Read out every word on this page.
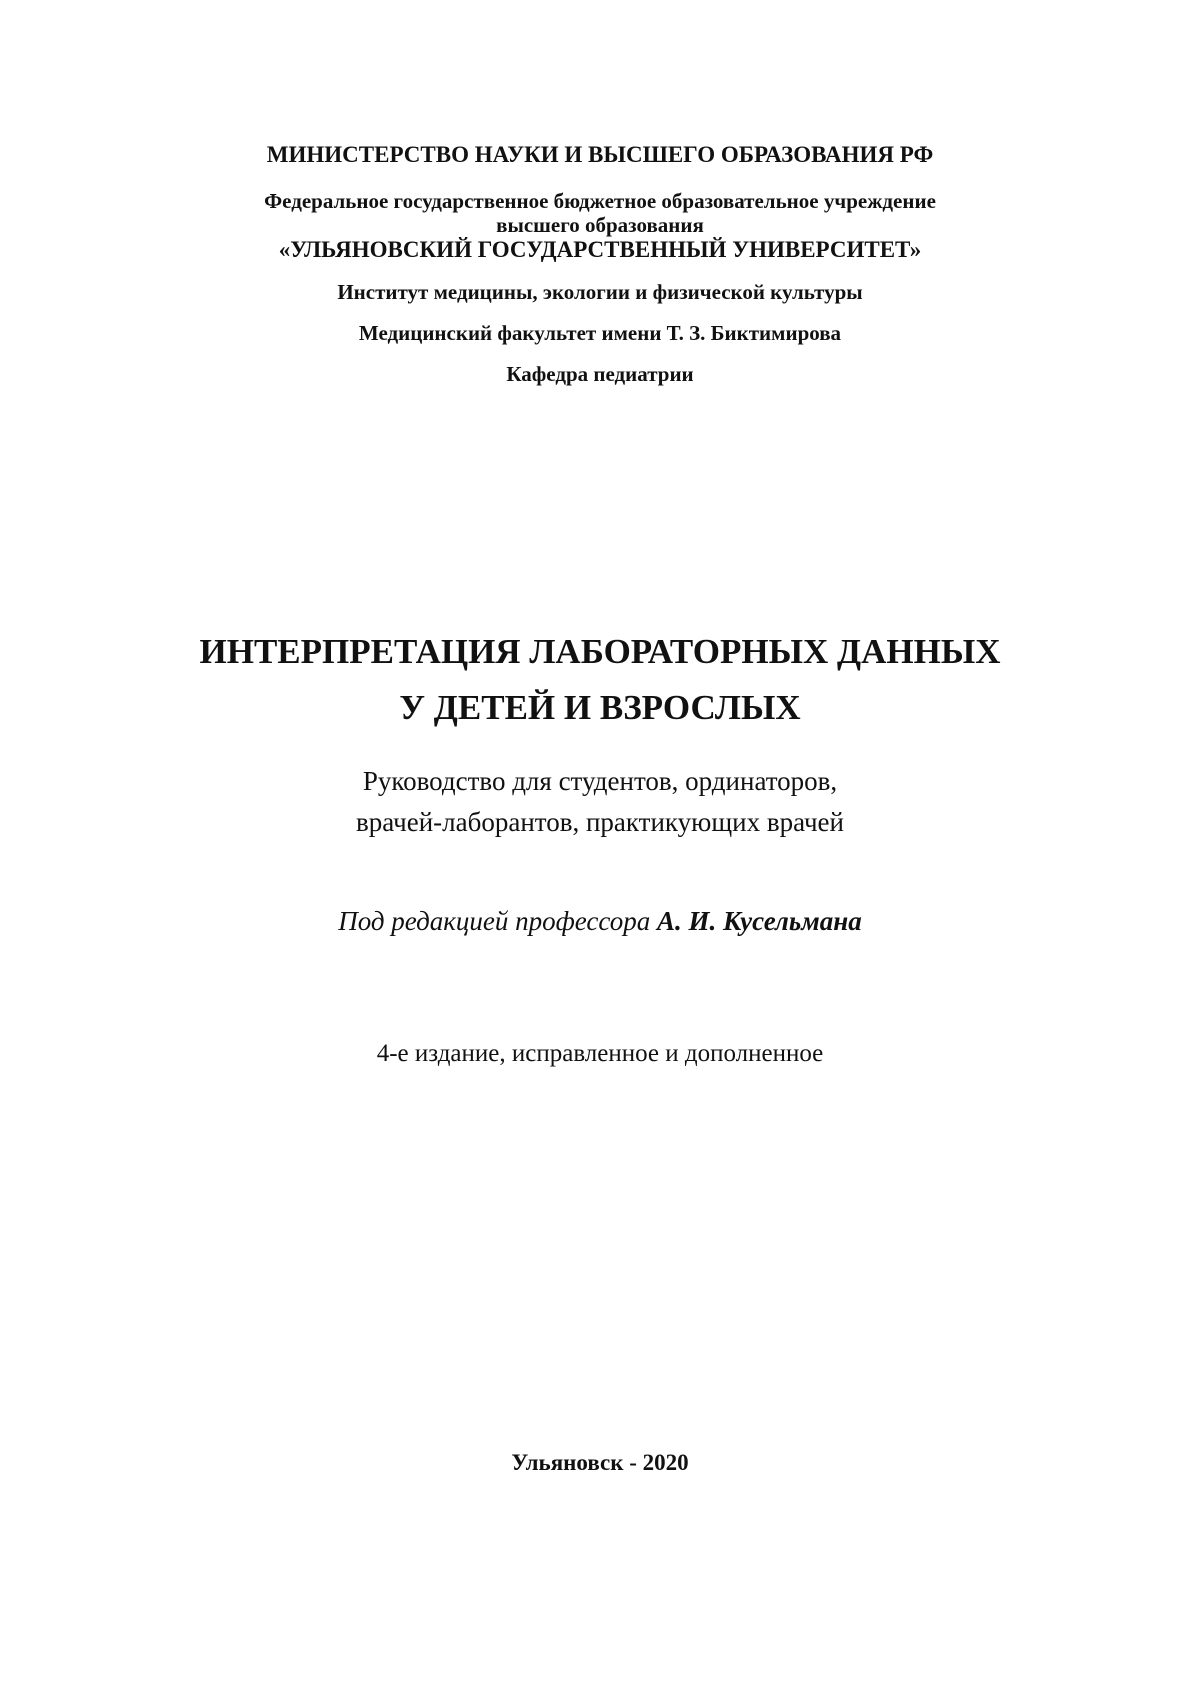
МИНИСТЕРСТВО НАУКИ И ВЫСШЕГО ОБРАЗОВАНИЯ РФ
Федеральное государственное бюджетное образовательное учреждение
высшего образования
«УЛЬЯНОВСКИЙ ГОСУДАРСТВЕННЫЙ УНИВЕРСИТЕТ»
Институт медицины, экологии и физической культуры
Медицинский факультет имени Т. З. Биктимирова
Кафедра педиатрии
ИНТЕРПРЕТАЦИЯ ЛАБОРАТОРНЫХ ДАННЫХ
У ДЕТЕЙ И ВЗРОСЛЫХ
Руководство для студентов, ординаторов,
врачей-лаборантов, практикующих врачей
Под редакцией профессора А. И. Кусельмана
4-е издание, исправленное и дополненное
Ульяновск - 2020
